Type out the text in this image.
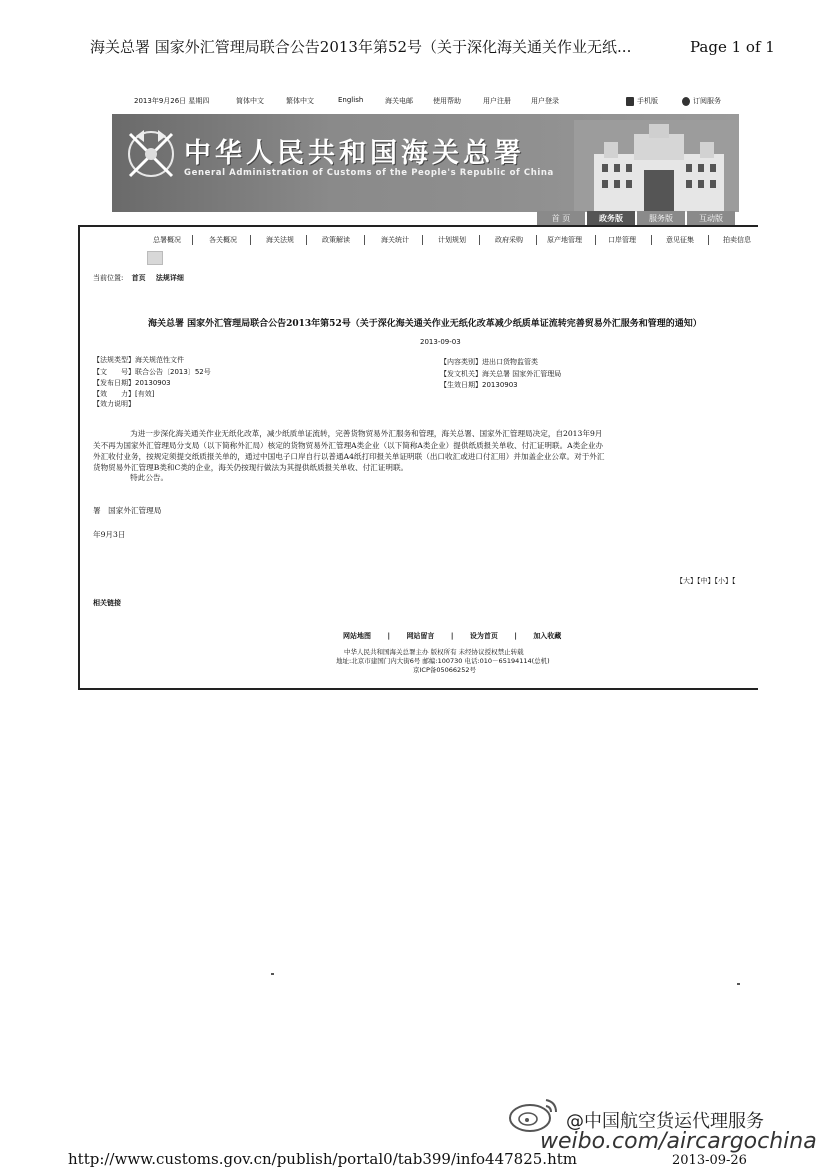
海关总署 国家外汇管理局联合公告2013年第52号（关于深化海关通关作业无纸...	Page 1 of 1
2013年9月26日 星期四	简体中文	繁体中文	English	海关电邮	使用帮助	用户注册	用户登录	手机版	订阅服务
中华人民共和国海关总署
General Administration of Customs of the People's Republic of China
首 页	政务版	服务版	互动版
总署概况	各关概况	海关法规	政策解读	海关统计	计划规划	政府采购	原产地管理	口岸管理	意见征集	拍卖信息
当前位置: 首页 法规详细
海关总署 国家外汇管理局联合公告2013年第52号（关于深化海关通关作业无纸化改革减少纸质单证流转完善贸易外汇服务和管理的通知）
2013-09-03
【法规类型】海关规范性文件
【文　　号】联合公告〔2013〕52号
【发布日期】20130903
【效　　力】[有效]
【效力说明】
【内容类别】进出口货物监管类
【发文机关】海关总署 国家外汇管理局
【生效日期】20130903
　　为进一步深化海关通关作业无纸化改革，减少纸质单证流转，完善货物贸易外汇服务和管理，海关总署、国家外汇管理局决定，自2013年9月
关不再为国家外汇管理局分支局（以下简称外汇局）核定的货物贸易外汇管理A类企业（以下简称A类企业）提供纸质报关单收、付汇证明联。A类企业办
外汇收付业务，按规定须提交纸质报关单的，通过中国电子口岸自行以普通A4纸打印报关单证明联（出口收汇或进口付汇用）并加盖企业公章。对于外汇
货物贸易外汇管理B类和C类的企业，海关仍按现行做法为其提供纸质报关单收、付汇证明联。
　　特此公告。
署　国家外汇管理局
年9月3日
【大】【中】【小】【
相关链接
网站地图 | 网站留言 | 设为首页 | 加入收藏
中华人民共和国海关总署主办 版权所有 未经协议授权禁止转载
地址:北京市建国门内大街6号 邮编:100730 电话:010－65194114(总机)
京ICP备05066252号
@中国航空货运代理服务
weibo.com/aircargochina
http://www.customs.gov.cn/publish/portal0/tab399/info447825.htm	2013-09-26
